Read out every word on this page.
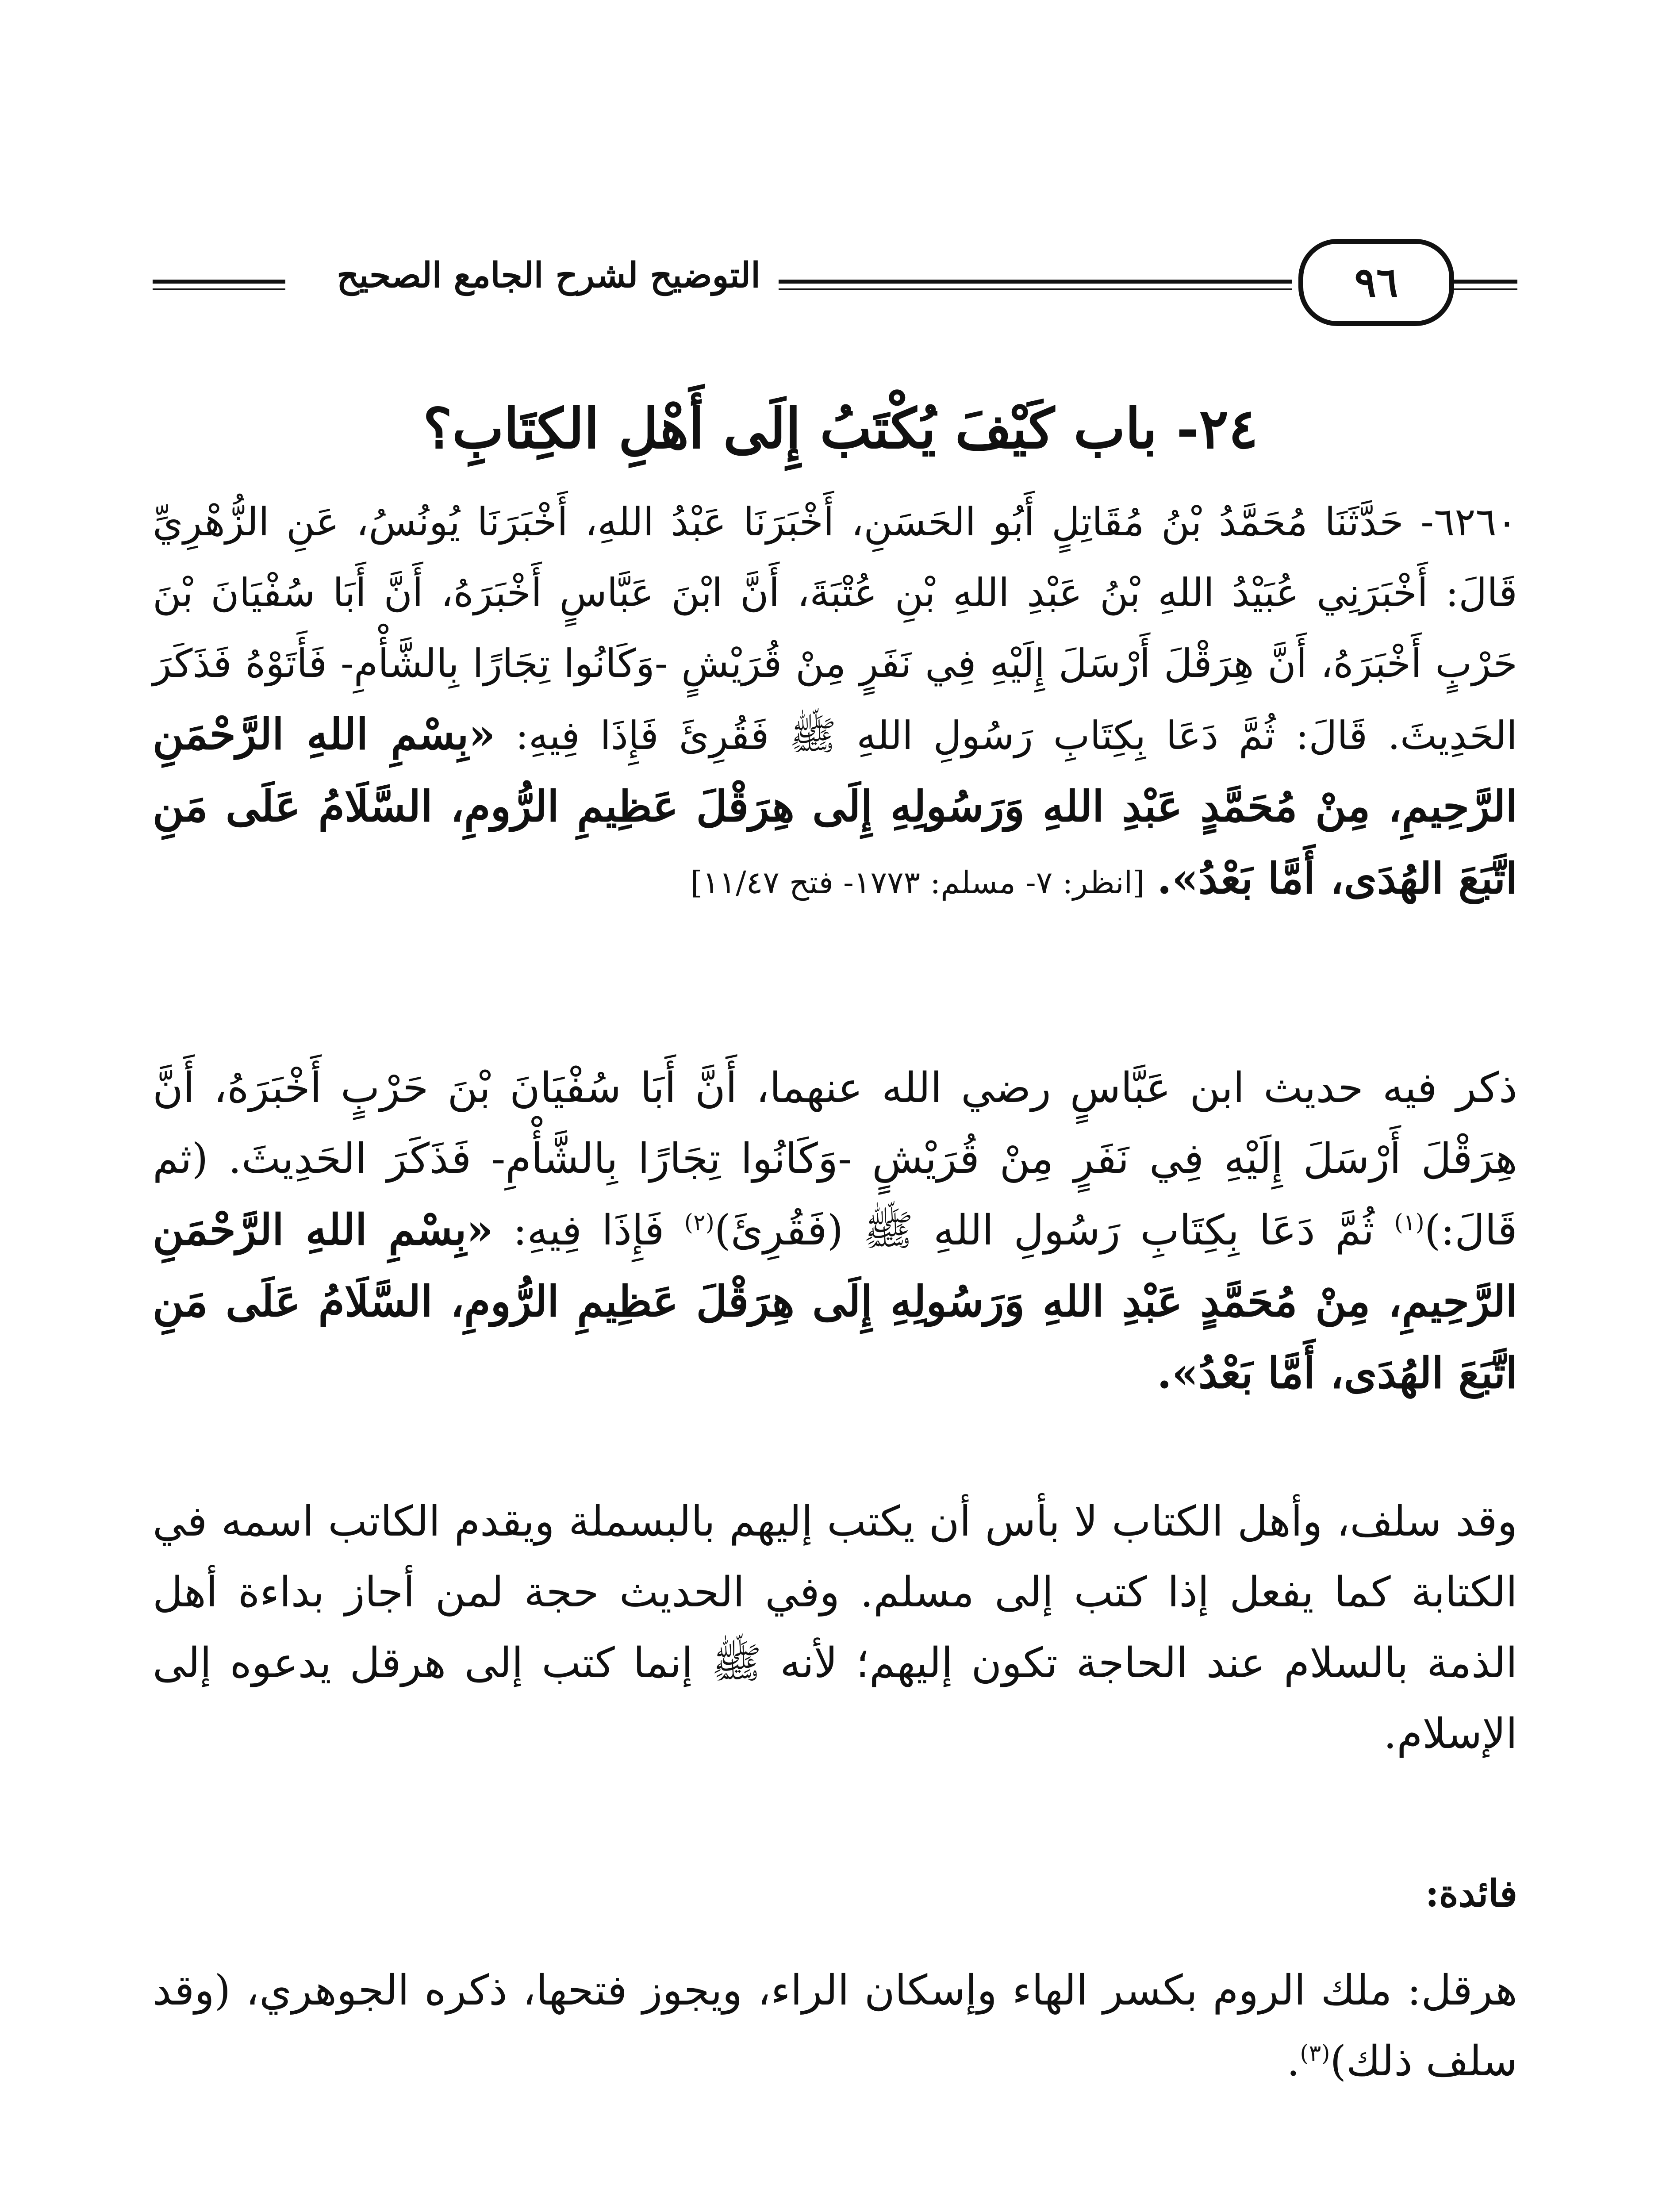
التوضيح لشرح الجامع الصحيح	٩٦
٢٤- باب كَيْفَ يُكْتَبُ إِلَى أَهْلِ الكِتَابِ؟
٦٢٦٠- حَدَّثَنَا مُحَمَّدُ بْنُ مُقَاتِلٍ أَبُو الحَسَنِ، أَخْبَرَنَا عَبْدُ اللهِ، أَخْبَرَنَا يُونُسُ، عَنِ الزُّهْرِيِّ قَالَ: أَخْبَرَنِي عُبَيْدُ اللهِ بْنُ عَبْدِ اللهِ بْنِ عُتْبَةَ، أَنَّ ابْنَ عَبَّاسٍ أَخْبَرَهُ، أَنَّ أَبَا سُفْيَانَ بْنَ حَرْبٍ أَخْبَرَهُ، أَنَّ هِرَقْلَ أَرْسَلَ إِلَيْهِ فِي نَفَرٍ مِنْ قُرَيْشٍ -وَكَانُوا تِجَارًا بِالشَّأْمِ- فَأَتَوْهُ فَذَكَرَ الحَدِيثَ. قَالَ: ثُمَّ دَعَا بِكِتَابِ رَسُولِ اللهِ ﷺ فَقُرِئَ فَإِذَا فِيهِ: «بِسْمِ اللهِ الرَّحْمَنِ الرَّحِيمِ، مِنْ مُحَمَّدٍ عَبْدِ اللهِ وَرَسُولِهِ إِلَى هِرَقْلَ عَظِيمِ الرُّومِ، السَّلَامُ عَلَى مَنِ اتَّبَعَ الهُدَى، أَمَّا بَعْدُ». [انظر: ٧- مسلم: ١٧٧٣- فتح ١١/٤٧]
ذكر فيه حديث ابن عَبَّاسٍ رضي الله عنهما، أَنَّ أَبَا سُفْيَانَ بْنَ حَرْبٍ أَخْبَرَهُ، أَنَّ هِرَقْلَ أَرْسَلَ إِلَيْهِ فِي نَفَرٍ مِنْ قُرَيْشٍ -وَكَانُوا تِجَارًا بِالشَّأْمِ- فَذَكَرَ الحَدِيثَ. (ثم قَالَ:)$^{(١)}$ ثُمَّ دَعَا بِكِتَابِ رَسُولِ اللهِ ﷺ (فَقُرِئَ)$^{(٢)}$ فَإِذَا فِيهِ: «بِسْمِ اللهِ الرَّحْمَنِ الرَّحِيمِ، مِنْ مُحَمَّدٍ عَبْدِ اللهِ وَرَسُولِهِ إِلَى هِرَقْلَ عَظِيمِ الرُّومِ، السَّلَامُ عَلَى مَنِ اتَّبَعَ الهُدَى، أَمَّا بَعْدُ».
وقد سلف، وأهل الكتاب لا بأس أن يكتب إليهم بالبسملة ويقدم الكاتب اسمه في الكتابة كما يفعل إذا كتب إلى مسلم. وفي الحديث حجة لمن أجاز بداءة أهل الذمة بالسلام عند الحاجة تكون إليهم؛ لأنه ﷺ إنما كتب إلى هرقل يدعوه إلى الإسلام.
فائدة:
هرقل: ملك الروم بكسر الهاء وإسكان الراء، ويجوز فتحها، ذكره الجوهري، (وقد سلف ذلك)$^{(٣)}$.
